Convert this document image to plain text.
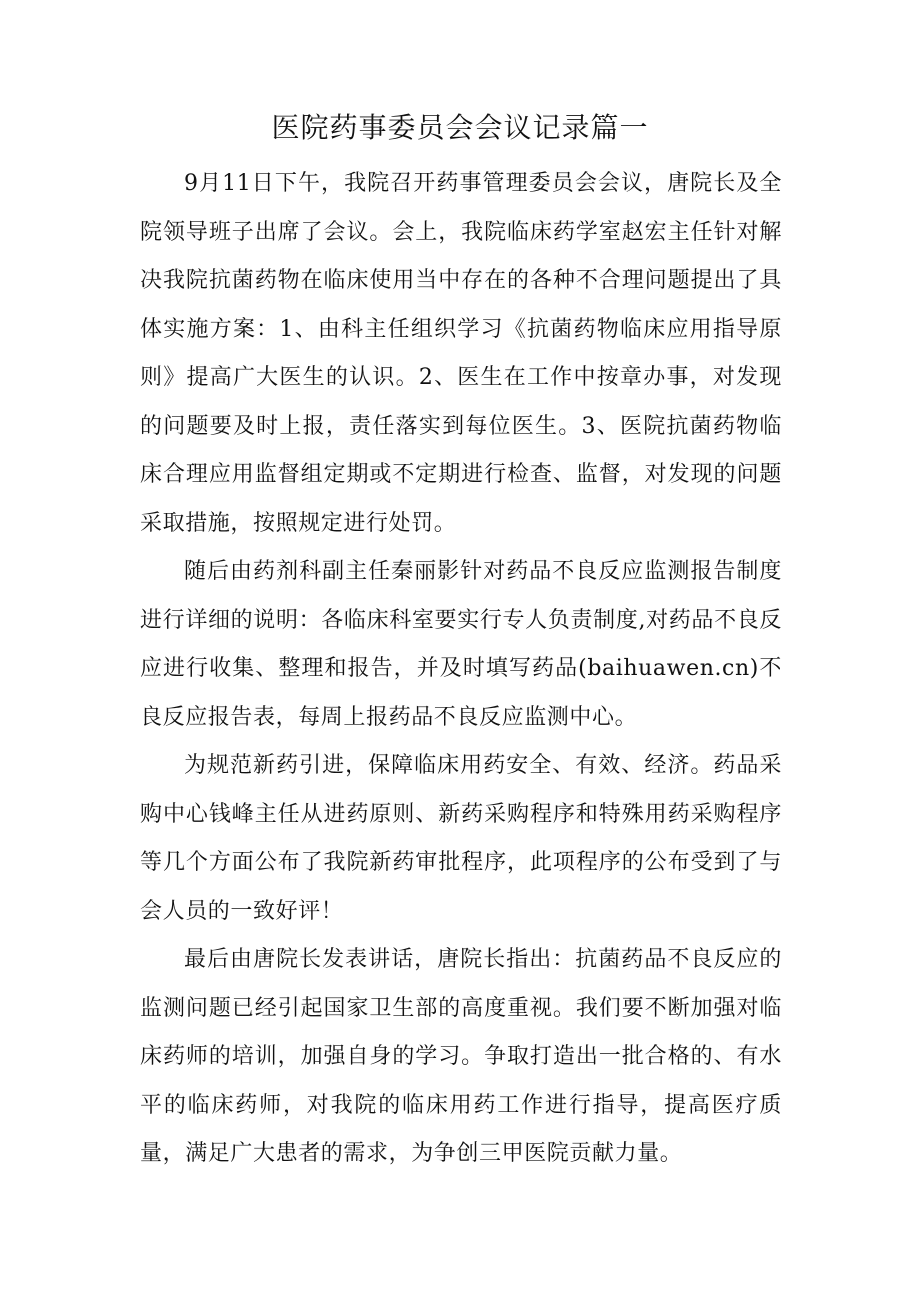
医院药事委员会会议记录篇一

9月11日下午，我院召开药事管理委员会会议，唐院长及全院领导班子出席了会议。会上，我院临床药学室赵宏主任针对解决我院抗菌药物在临床使用当中存在的各种不合理问题提出了具体实施方案：1、由科主任组织学习《抗菌药物临床应用指导原则》提高广大医生的认识。2、医生在工作中按章办事，对发现的问题要及时上报，责任落实到每位医生。3、医院抗菌药物临床合理应用监督组定期或不定期进行检查、监督，对发现的问题采取措施，按照规定进行处罚。

随后由药剂科副主任秦丽影针对药品不良反应监测报告制度进行详细的说明：各临床科室要实行专人负责制度,对药品不良反应进行收集、整理和报告，并及时填写药品(baihuawen.cn)不良反应报告表，每周上报药品不良反应监测中心。

为规范新药引进，保障临床用药安全、有效、经济。药品采购中心钱峰主任从进药原则、新药采购程序和特殊用药采购程序等几个方面公布了我院新药审批程序，此项程序的公布受到了与会人员的一致好评！

最后由唐院长发表讲话，唐院长指出：抗菌药品不良反应的监测问题已经引起国家卫生部的高度重视。我们要不断加强对临床药师的培训，加强自身的学习。争取打造出一批合格的、有水平的临床药师，对我院的临床用药工作进行指导，提高医疗质量，满足广大患者的需求，为争创三甲医院贡献力量。
